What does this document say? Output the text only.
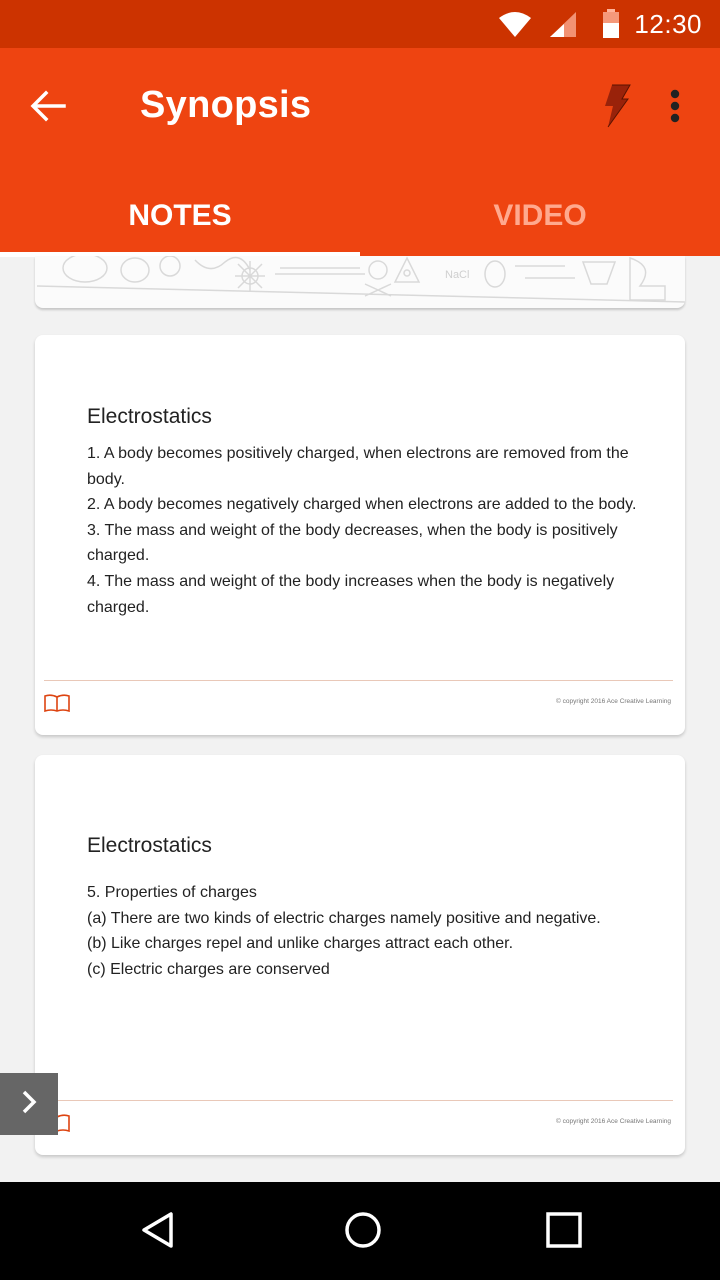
12:30
Synopsis
NOTES	VIDEO
NaCl
Electrostatics
1. A body becomes positively charged, when electrons are removed from the body.
2. A body becomes negatively charged when electrons are added to the body.
3. The mass and weight of the body decreases, when the body is positively charged.
4. The mass and weight of the body increases when the body is negatively charged.
© copyright 2016 Ace Creative Learning
Electrostatics
5. Properties of charges
(a) There are two kinds of electric charges namely positive and negative.
(b) Like charges repel and unlike charges attract each other.
(c) Electric charges are conserved
© copyright 2016 Ace Creative Learning
